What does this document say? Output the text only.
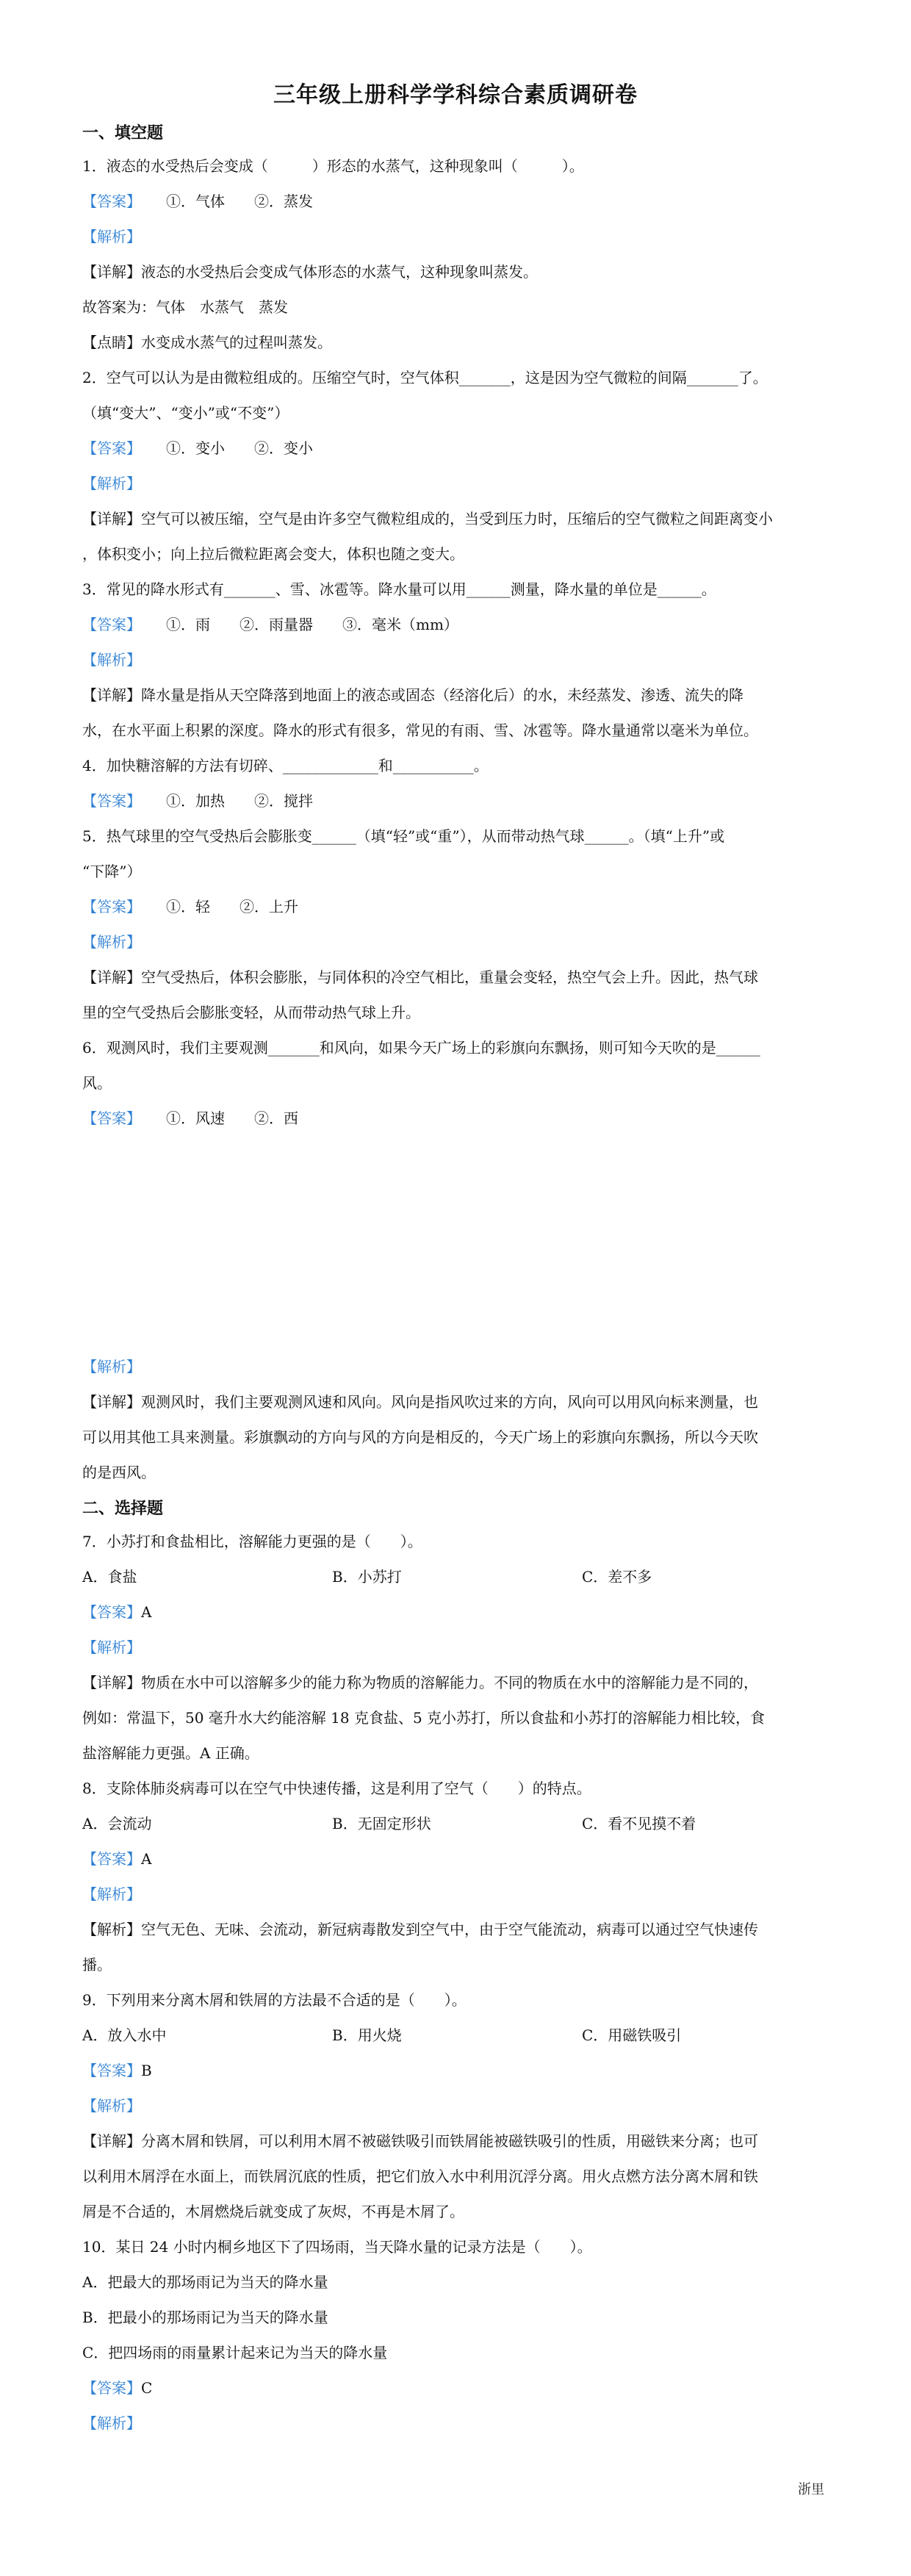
三年级上册科学学科综合素质调研卷
一、填空题
1．液态的水受热后会变成（　　　）形态的水蒸气，这种现象叫（　　　）。
【答案】 ①．气体　　②．蒸发
【解析】
【详解】液态的水受热后会变成气体形态的水蒸气，这种现象叫蒸发。
故答案为：气体　水蒸气　蒸发
【点睛】水变成水蒸气的过程叫蒸发。
2．空气可以认为是由微粒组成的。压缩空气时，空气体积_______，这是因为空气微粒的间隔_______了。
（填“变大”、“变小”或“不变”）
【答案】 ①．变小　　②．变小
【解析】
【详解】空气可以被压缩，空气是由许多空气微粒组成的，当受到压力时，压缩后的空气微粒之间距离变小
，体积变小；向上拉后微粒距离会变大，体积也随之变大。
3．常见的降水形式有_______、雪、冰雹等。降水量可以用______测量，降水量的单位是______。
【答案】 ①．雨　　②．雨量器　　③．毫米（mm）
【解析】
【详解】降水量是指从天空降落到地面上的液态或固态（经溶化后）的水，未经蒸发、渗透、流失的降
水，在水平面上积累的深度。降水的形式有很多，常见的有雨、雪、冰雹等。降水量通常以毫米为单位。
4．加快糖溶解的方法有切碎、_____________和___________。
【答案】 ①．加热　　②．搅拌
5．热气球里的空气受热后会膨胀变______（填“轻”或“重”），从而带动热气球______。（填“上升”或
“下降”）
【答案】 ①．轻　　②．上升
【解析】
【详解】空气受热后，体积会膨胀，与同体积的冷空气相比，重量会变轻，热空气会上升。因此，热气球
里的空气受热后会膨胀变轻，从而带动热气球上升。
6．观测风时，我们主要观测_______和风向，如果今天广场上的彩旗向东飘扬，则可知今天吹的是______
风。
【答案】 ①．风速　　②．西
【解析】
【详解】观测风时，我们主要观测风速和风向。风向是指风吹过来的方向，风向可以用风向标来测量，也
可以用其他工具来测量。彩旗飘动的方向与风的方向是相反的，今天广场上的彩旗向东飘扬，所以今天吹
的是西风。
二、选择题
7．小苏打和食盐相比，溶解能力更强的是（　　）。
A．食盐	B．小苏打	C．差不多
【答案】A
【解析】
【详解】物质在水中可以溶解多少的能力称为物质的溶解能力。不同的物质在水中的溶解能力是不同的，
例如：常温下，50 毫升水大约能溶解 18 克食盐、5 克小苏打，所以食盐和小苏打的溶解能力相比较，食
盐溶解能力更强。A 正确。
8．支除体肺炎病毒可以在空气中快速传播，这是利用了空气（　　）的特点。
A．会流动	B．无固定形状	C．看不见摸不着
【答案】A
【解析】
【解析】空气无色、无味、会流动，新冠病毒散发到空气中，由于空气能流动，病毒可以通过空气快速传
播。
9．下列用来分离木屑和铁屑的方法最不合适的是（　　）。
A．放入水中	B．用火烧	C．用磁铁吸引
【答案】B
【解析】
【详解】分离木屑和铁屑，可以利用木屑不被磁铁吸引而铁屑能被磁铁吸引的性质，用磁铁来分离；也可
以利用木屑浮在水面上，而铁屑沉底的性质，把它们放入水中利用沉浮分离。用火点燃方法分离木屑和铁
屑是不合适的，木屑燃烧后就变成了灰烬，不再是木屑了。
10．某日 24 小时内桐乡地区下了四场雨，当天降水量的记录方法是（　　）。
A．把最大的那场雨记为当天的降水量
B．把最小的那场雨记为当天的降水量
C．把四场雨的雨量累计起来记为当天的降水量
【答案】C
【解析】
浙里
